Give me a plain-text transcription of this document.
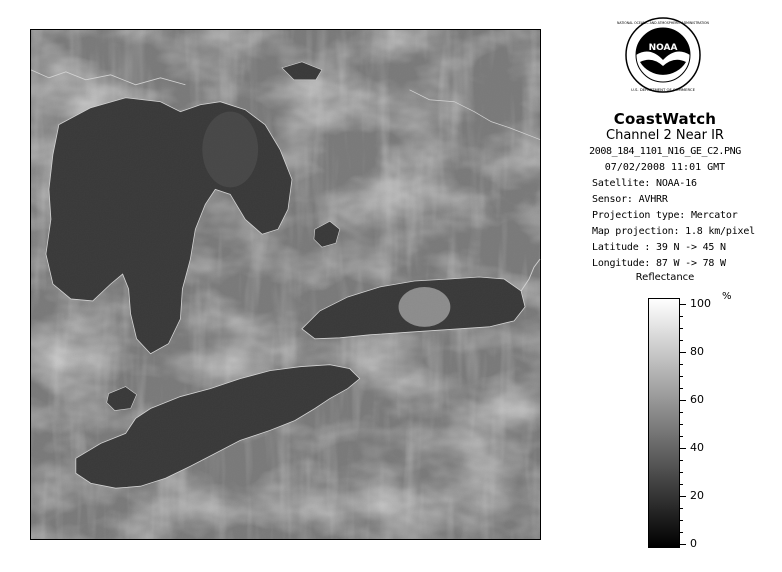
NOAA
NATIONAL OCEANIC AND ATMOSPHERIC ADMINISTRATION
U.S. DEPARTMENT OF COMMERCE
CoastWatch
Channel 2 Near IR
2008_184_1101_N16_GE_C2.PNG
07/02/2008 11:01 GMT
Satellite: NOAA-16
Sensor: AVHRR
Projection type: Mercator
Map projection: 1.8 km/pixel
Latitude : 39 N -> 45 N
Longitude: 87 W -> 78 W
Reflectance
%
100
80
60
40
20
0
